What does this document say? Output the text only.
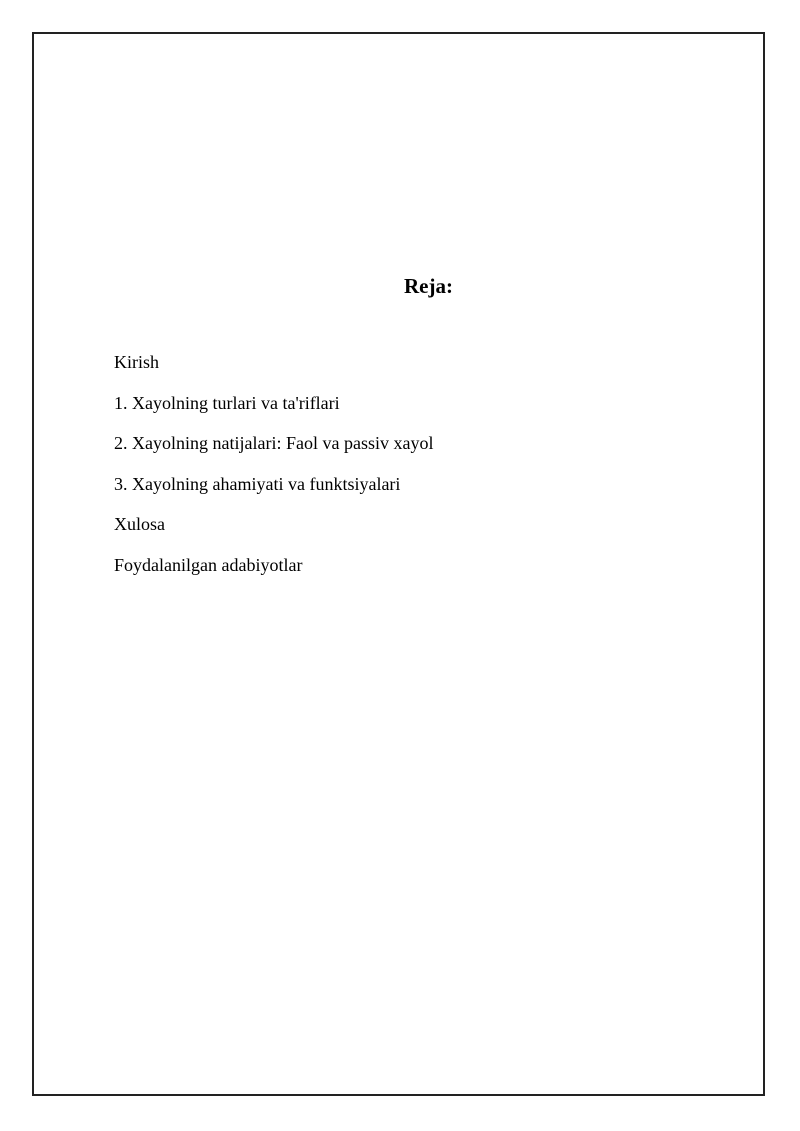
Reja:
Kirish
1. Xayolning turlari va ta'riflari
2. Xayolning natijalari: Faol va passiv xayol
3. Xayolning ahamiyati va funktsiyalari
Xulosa
Foydalanilgan adabiyotlar
